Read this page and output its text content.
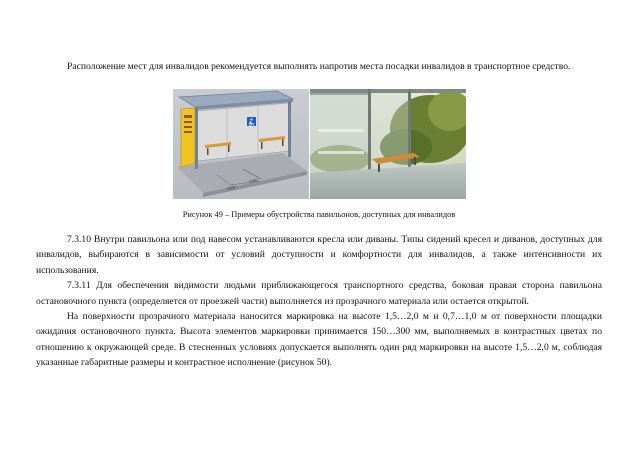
Расположение мест для инвалидов рекомендуется выполнять напротив места посадки инвалидов в транспортное средство.

1500
1500
Рисунок 49 – Примеры обустройства павильонов, доступных для инвалидов

7.3.10 Внутри павильона или под навесом устанавливаются кресла или диваны. Типы сидений кресел и диванов, доступных для инвалидов, выбираются в зависимости от условий доступности и комфортности для инвалидов, а также интенсивности их использования.

7.3.11 Для обеспечения видимости людьми приближающегося транспортного средства, боковая правая сторона павильона остановочного пункта (определяется от проезжей части) выполняется из прозрачного материала или остается открытой.

На поверхности прозрачного материала наносится маркировка на высоте 1,5…2,0 м и 0,7…1,0 м от поверхности площадки ожидания остановочного пункта. Высота элементов маркировки принимается 150…300 мм, выполняемых в контрастных цветах по отношению к окружающей среде. В стесненных условиях допускается выполнять один ряд маркировки на высоте 1,5…2,0 м, соблюдая указанные габаритные размеры и контрастное исполнение (рисунок 50).
